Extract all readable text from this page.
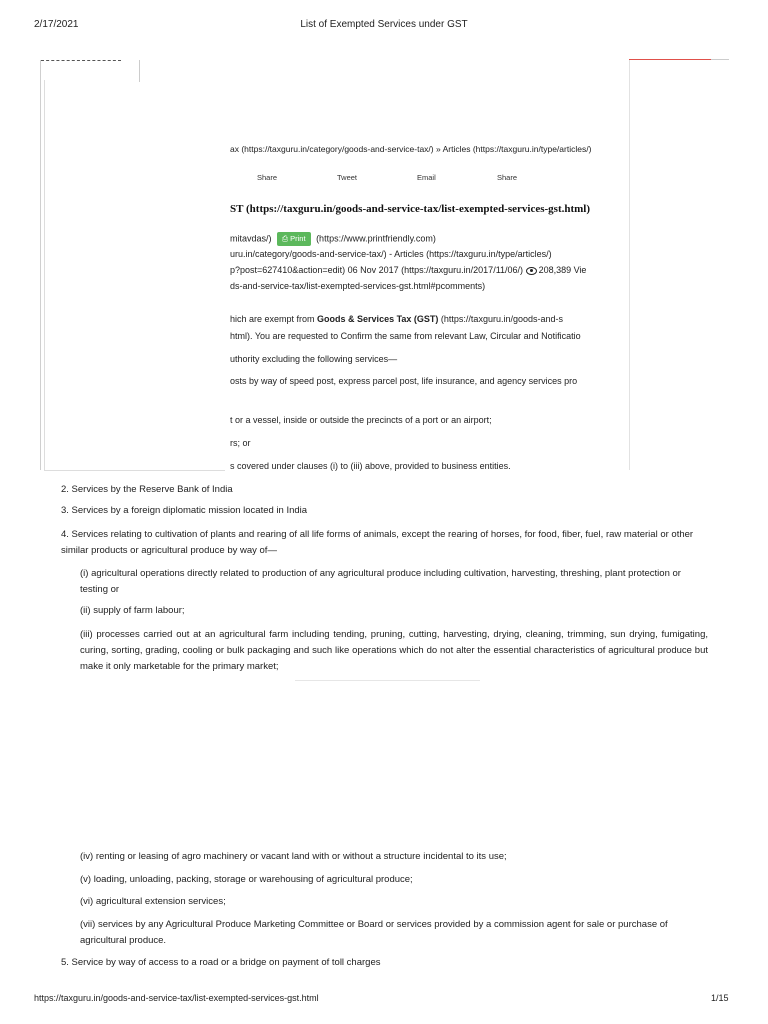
2/17/2021	List of Exempted Services under GST
ax (https://taxguru.in/category/goods-and-service-tax/) » Articles (https://taxguru.in/type/articles/)
Share	Tweet	Email	Share
ST (https://taxguru.in/goods-and-service-tax/list-exempted-services-gst.html)
mitavdas/) ⎙ Print (https://www.printfriendly.com)
uru.in/category/goods-and-service-tax/) - Articles (https://taxguru.in/type/articles/)
p?post=627410&action=edit) 06 Nov 2017 (https://taxguru.in/2017/11/06/) 208,389 Vie
ds-and-service-tax/list-exempted-services-gst.html#pcomments)
hich are exempt from Goods & Services Tax (GST) (https://taxguru.in/goods-and-s
html). You are requested to Confirm the same from relevant Law, Circular and Notificatio
uthority excluding the following services—
osts by way of speed post, express parcel post, life insurance, and agency services pro
t or a vessel, inside or outside the precincts of a port or an airport;
rs; or
s covered under clauses (i) to (iii) above, provided to business entities.
2. Services by the Reserve Bank of India
3. Services by a foreign diplomatic mission located in India
4. Services relating to cultivation of plants and rearing of all life forms of animals, except the rearing of horses, for food, fiber, fuel, raw material or other similar products or agricultural produce by way of—
(i) agricultural operations directly related to production of any agricultural produce including cultivation, harvesting, threshing, plant protection or testing or
(ii) supply of farm labour;
(iii) processes carried out at an agricultural farm including tending, pruning, cutting, harvesting, drying, cleaning, trimming, sun drying, fumigating, curing, sorting, grading, cooling or bulk packaging and such like operations which do not alter the essential characteristics of agricultural produce but make it only marketable for the primary market;
(iv) renting or leasing of agro machinery or vacant land with or without a structure incidental to its use;
(v) loading, unloading, packing, storage or warehousing of agricultural produce;
(vi) agricultural extension services;
(vii) services by any Agricultural Produce Marketing Committee or Board or services provided by a commission agent for sale or purchase of agricultural produce.
5. Service by way of access to a road or a bridge on payment of toll charges
https://taxguru.in/goods-and-service-tax/list-exempted-services-gst.html	1/15
